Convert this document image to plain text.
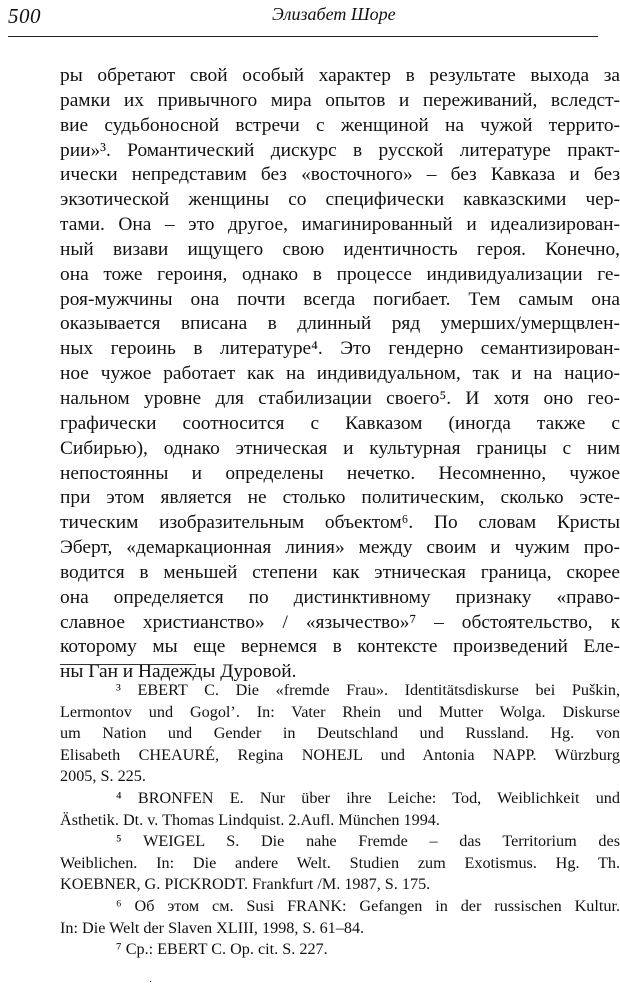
500	Элизабет Шоре
ры обретают свой особый характер в результате выхода за
рамки их привычного мира опытов и переживаний, вследст-
вие судьбоносной встречи с женщиной на чужой террито-
рии»³. Романтический дискурс в русской литературе практ-
ически непредставим без «восточного» – без Кавказа и без
экзотической женщины со специфически кавказскими чер-
тами. Она – это другое, имагинированный и идеализирован-
ный визави ищущего свою идентичность героя. Конечно,
она тоже героиня, однако в процессе индивидуализации ге-
роя-мужчины она почти всегда погибает. Тем самым она
оказывается вписана в длинный ряд умерших/умерщвлен-
ных героинь в литературе⁴. Это гендерно семантизирован-
ное чужое работает как на индивидуальном, так и на нацио-
нальном уровне для стабилизации своего⁵. И хотя оно гео-
графически соотносится с Кавказом (иногда также с
Сибирью), однако этническая и культурная границы с ним
непостоянны и определены нечетко. Несомненно, чужое
при этом является не столько политическим, сколько эсте-
тическим изобразительным объектом⁶. По словам Кристы
Эберт, «демаркационная линия» между своим и чужим про-
водится в меньшей степени как этническая граница, скорее
она определяется по дистинктивному признаку «право-
славное христианство» / «язычество»⁷ – обстоятельство, к
которому мы еще вернемся в контексте произведений Еле-
ны Ган и Надежды Дуровой.
³ EBERT C. Die «fremde Frau». Identitätsdiskurse bei Puškin,
Lermontov und Gogol’. In: Vater Rhein und Mutter Wolga. Diskurse
um Nation und Gender in Deutschland und Russland. Hg. von
Elisabeth CHEAURÉ, Regina NOHEJL und Antonia NAPP. Würzburg
2005, S. 225.
⁴ BRONFEN E. Nur über ihre Leiche: Tod, Weiblichkeit und
Ästhetik. Dt. v. Thomas Lindquist. 2.Aufl. München 1994.
⁵ WEIGEL S. Die nahe Fremde – das Territorium des
Weiblichen. In: Die andere Welt. Studien zum Exotismus. Hg. Th.
KOEBNER, G. PICKRODT. Frankfurt /M. 1987, S. 175.
⁶ Об этом см. Susi FRANK: Gefangen in der russischen Kultur.
In: Die Welt der Slaven XLIII, 1998, S. 61–84.
⁷ Ср.: EBERT C. Op. cit. S. 227.
·
